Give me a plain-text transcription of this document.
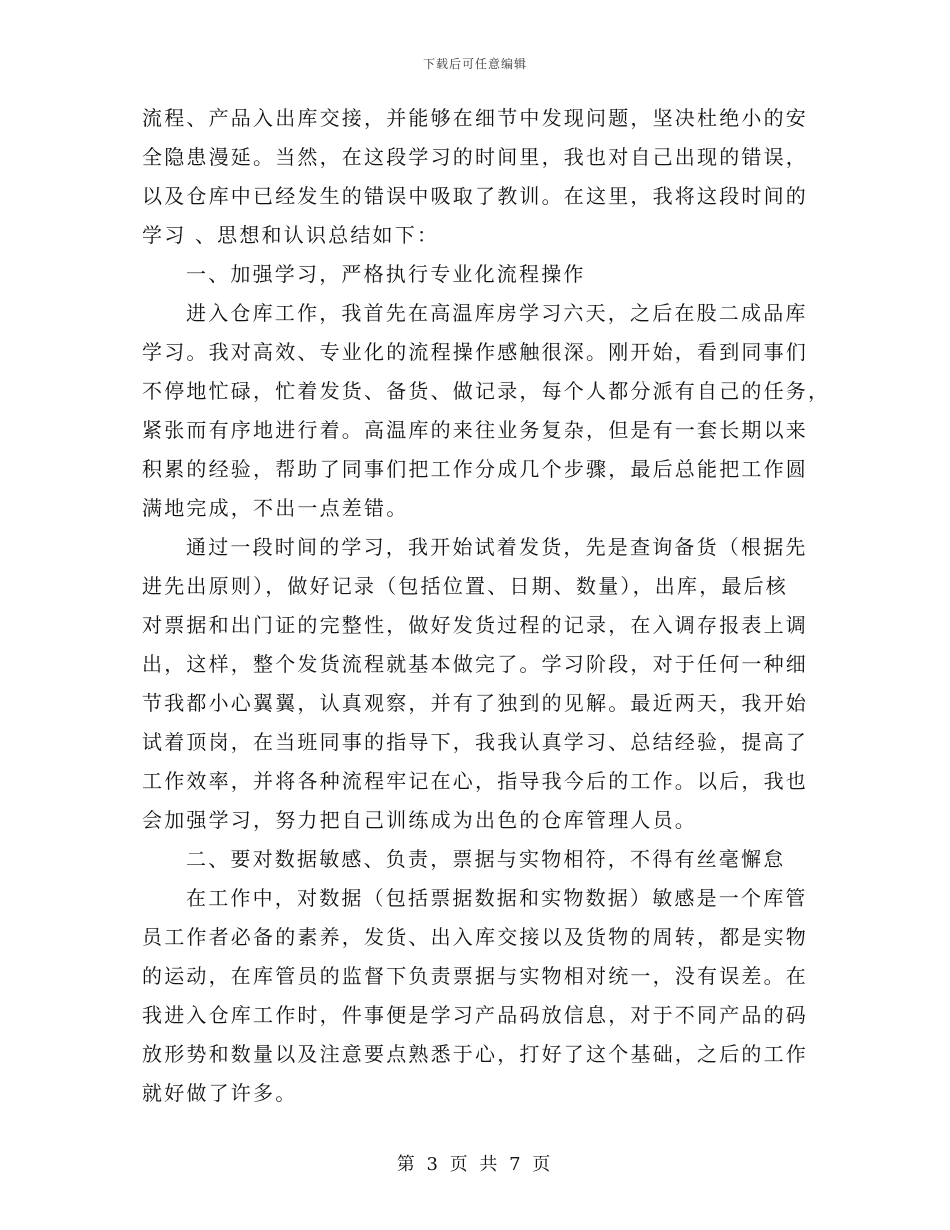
下载后可任意编辑
流程、产品入出库交接，并能够在细节中发现问题，坚决杜绝小的安
全隐患漫延。当然，在这段学习的时间里，我也对自己出现的错误，
以及仓库中已经发生的错误中吸取了教训。在这里，我将这段时间的
学习 、思想和认识总结如下：
一、加强学习，严格执行专业化流程操作
进入仓库工作，我首先在高温库房学习六天，之后在股二成品库
学习。我对高效、专业化的流程操作感触很深。刚开始，看到同事们
不停地忙碌，忙着发货、备货、做记录，每个人都分派有自己的任务，
紧张而有序地进行着。高温库的来往业务复杂，但是有一套长期以来
积累的经验，帮助了同事们把工作分成几个步骤，最后总能把工作圆
满地完成，不出一点差错。
通过一段时间的学习，我开始试着发货，先是查询备货（根据先
进先出原则），做好记录（包括位置、日期、数量），出库，最后核
对票据和出门证的完整性，做好发货过程的记录，在入调存报表上调
出，这样，整个发货流程就基本做完了。学习阶段，对于任何一种细
节我都小心翼翼，认真观察，并有了独到的见解。最近两天，我开始
试着顶岗，在当班同事的指导下，我我认真学习、总结经验，提高了
工作效率，并将各种流程牢记在心，指导我今后的工作。以后，我也
会加强学习，努力把自己训练成为出色的仓库管理人员。
二、要对数据敏感、负责，票据与实物相符，不得有丝毫懈怠
在工作中，对数据（包括票据数据和实物数据）敏感是一个库管
员工作者必备的素养，发货、出入库交接以及货物的周转，都是实物
的运动，在库管员的监督下负责票据与实物相对统一，没有误差。在
我进入仓库工作时，件事便是学习产品码放信息，对于不同产品的码
放形势和数量以及注意要点熟悉于心，打好了这个基础，之后的工作
就好做了许多。
第 3 页 共 7 页
